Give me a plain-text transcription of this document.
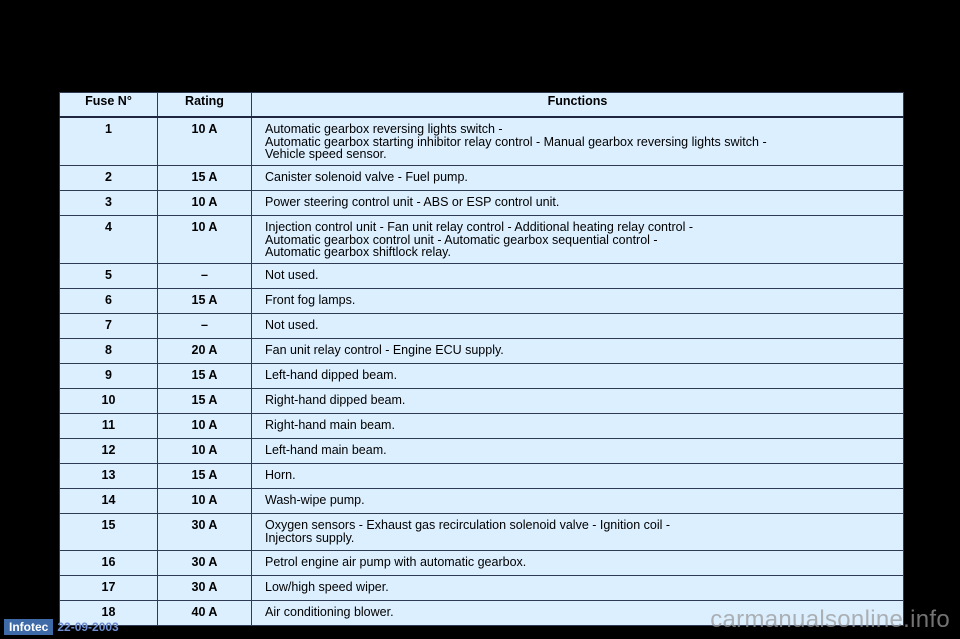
Fuse N°	Rating	Functions
1	10 A	Automatic gearbox reversing lights switch -
Automatic gearbox starting inhibitor relay control - Manual gearbox reversing lights switch -
Vehicle speed sensor.

2	15 A	Canister solenoid valve - Fuel pump.

3	10 A	Power steering control unit - ABS or ESP control unit.

4	10 A	Injection control unit - Fan unit relay control - Additional heating relay control -
Automatic gearbox control unit - Automatic gearbox sequential control -
Automatic gearbox shiftlock relay.

5	–	Not used.

6	15 A	Front fog lamps.

7	–	Not used.

8	20 A	Fan unit relay control - Engine ECU supply.

9	15 A	Left-hand dipped beam.

10	15 A	Right-hand dipped beam.

11	10 A	Right-hand main beam.

12	10 A	Left-hand main beam.

13	15 A	Horn.

14	10 A	Wash-wipe pump.

15	30 A	Oxygen sensors - Exhaust gas recirculation solenoid valve - Ignition coil -
Injectors supply.

16	30 A	Petrol engine air pump with automatic gearbox.

17	30 A	Low/high speed wiper.

18	40 A	Air conditioning blower.
Infotec 22-09-2003	carmanualsonline.info
